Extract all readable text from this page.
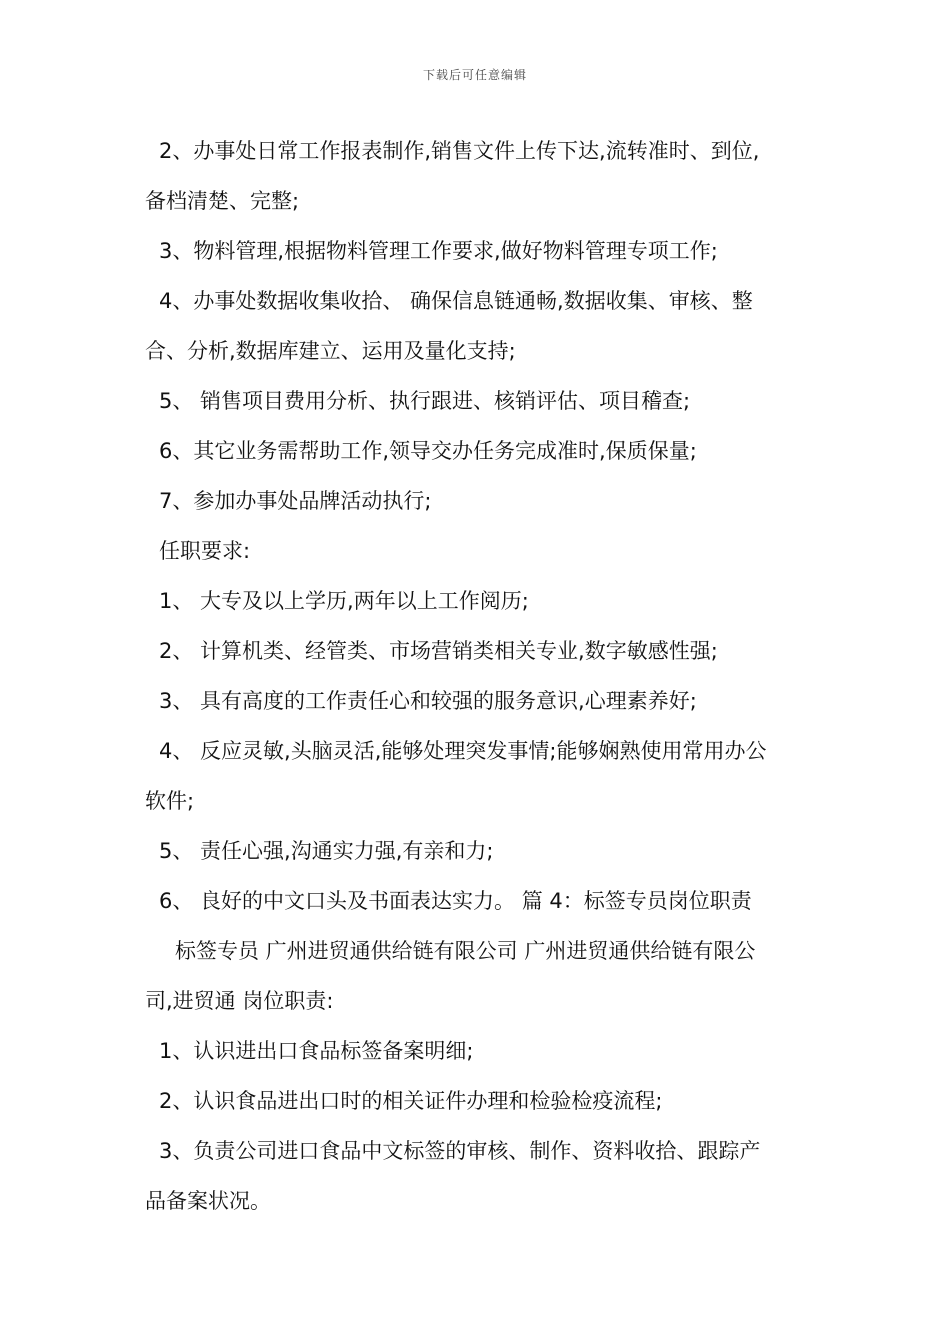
下载后可任意编辑
2、办事处日常工作报表制作,销售文件上传下达,流转准时、到位,
备档清楚、完整;
3、物料管理,根据物料管理工作要求,做好物料管理专项工作;
4、办事处数据收集收拾、 确保信息链通畅,数据收集、审核、整
合、分析,数据库建立、运用及量化支持;
5、 销售项目费用分析、执行跟进、核销评估、项目稽查;
6、其它业务需帮助工作,领导交办任务完成准时,保质保量;
7、参加办事处品牌活动执行;
任职要求:
1、 大专及以上学历,两年以上工作阅历;
2、 计算机类、经管类、市场营销类相关专业,数字敏感性强;
3、 具有高度的工作责任心和较强的服务意识,心理素养好;
4、 反应灵敏,头脑灵活,能够处理突发事情;能够娴熟使用常用办公
软件;
5、 责任心强,沟通实力强,有亲和力;
6、 良好的中文口头及书面表达实力。 篇 4：标签专员岗位职责
标签专员 广州进贸通供给链有限公司 广州进贸通供给链有限公
司,进贸通 岗位职责:
1、认识进出口食品标签备案明细;
2、认识食品进出口时的相关证件办理和检验检疫流程;
3、负责公司进口食品中文标签的审核、制作、资料收拾、跟踪产
品备案状况。
